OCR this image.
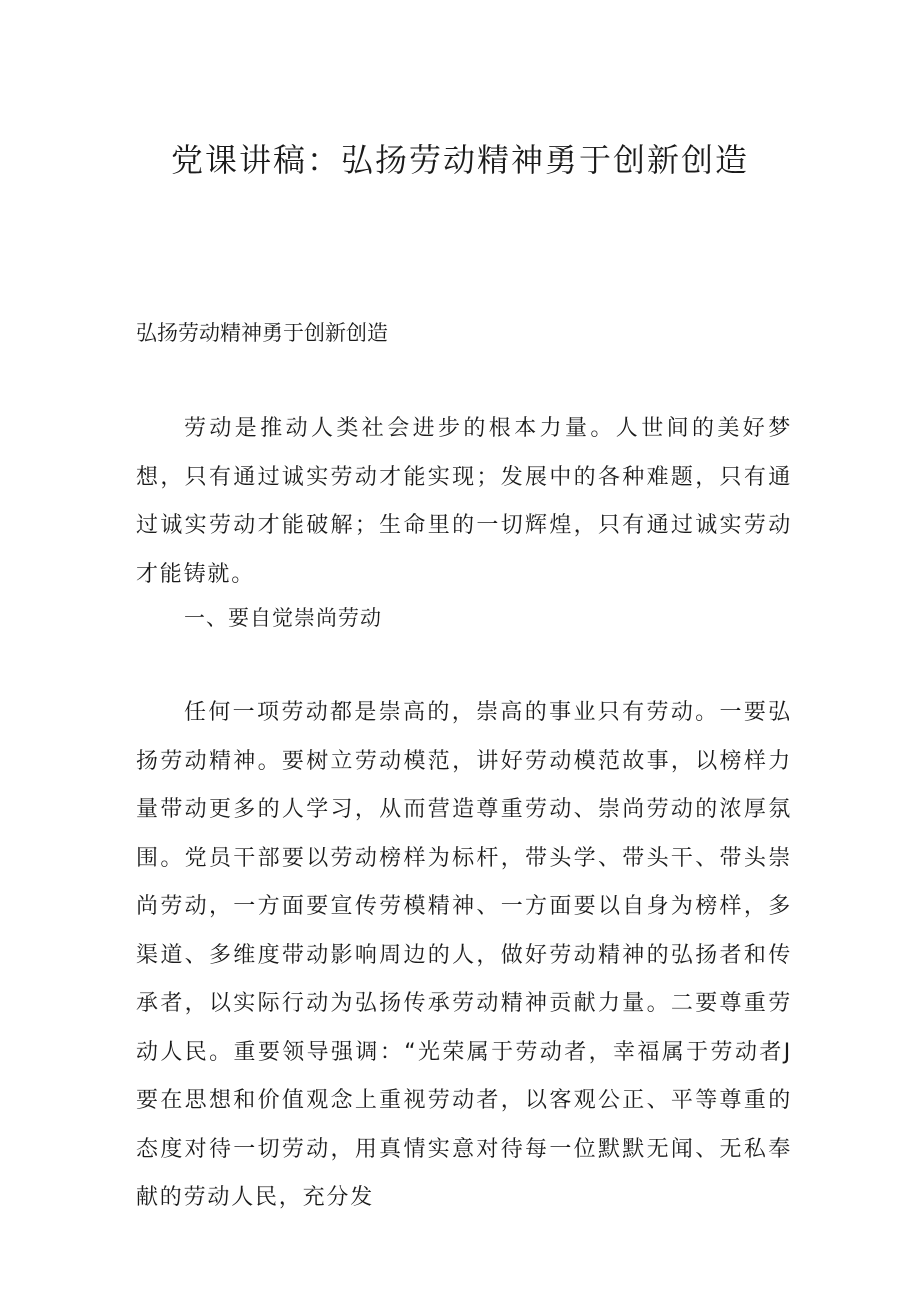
党课讲稿：弘扬劳动精神勇于创新创造
弘扬劳动精神勇于创新创造

劳动是推动人类社会进步的根本力量。人世间的美好梦想，只有通过诚实劳动才能实现；发展中的各种难题，只有通过诚实劳动才能破解；生命里的一切辉煌，只有通过诚实劳动才能铸就。

一、要自觉崇尚劳动

任何一项劳动都是崇高的，崇高的事业只有劳动。一要弘扬劳动精神。要树立劳动模范，讲好劳动模范故事，以榜样力量带动更多的人学习，从而营造尊重劳动、崇尚劳动的浓厚氛围。党员干部要以劳动榜样为标杆，带头学、带头干、带头崇尚劳动，一方面要宣传劳模精神、一方面要以自身为榜样，多渠道、多维度带动影响周边的人，做好劳动精神的弘扬者和传承者，以实际行动为弘扬传承劳动精神贡献力量。二要尊重劳动人民。重要领导强调：“光荣属于劳动者，幸福属于劳动者J要在思想和价值观念上重视劳动者，以客观公正、平等尊重的态度对待一切劳动，用真情实意对待每一位默默无闻、无私奉献的劳动人民，充分发
